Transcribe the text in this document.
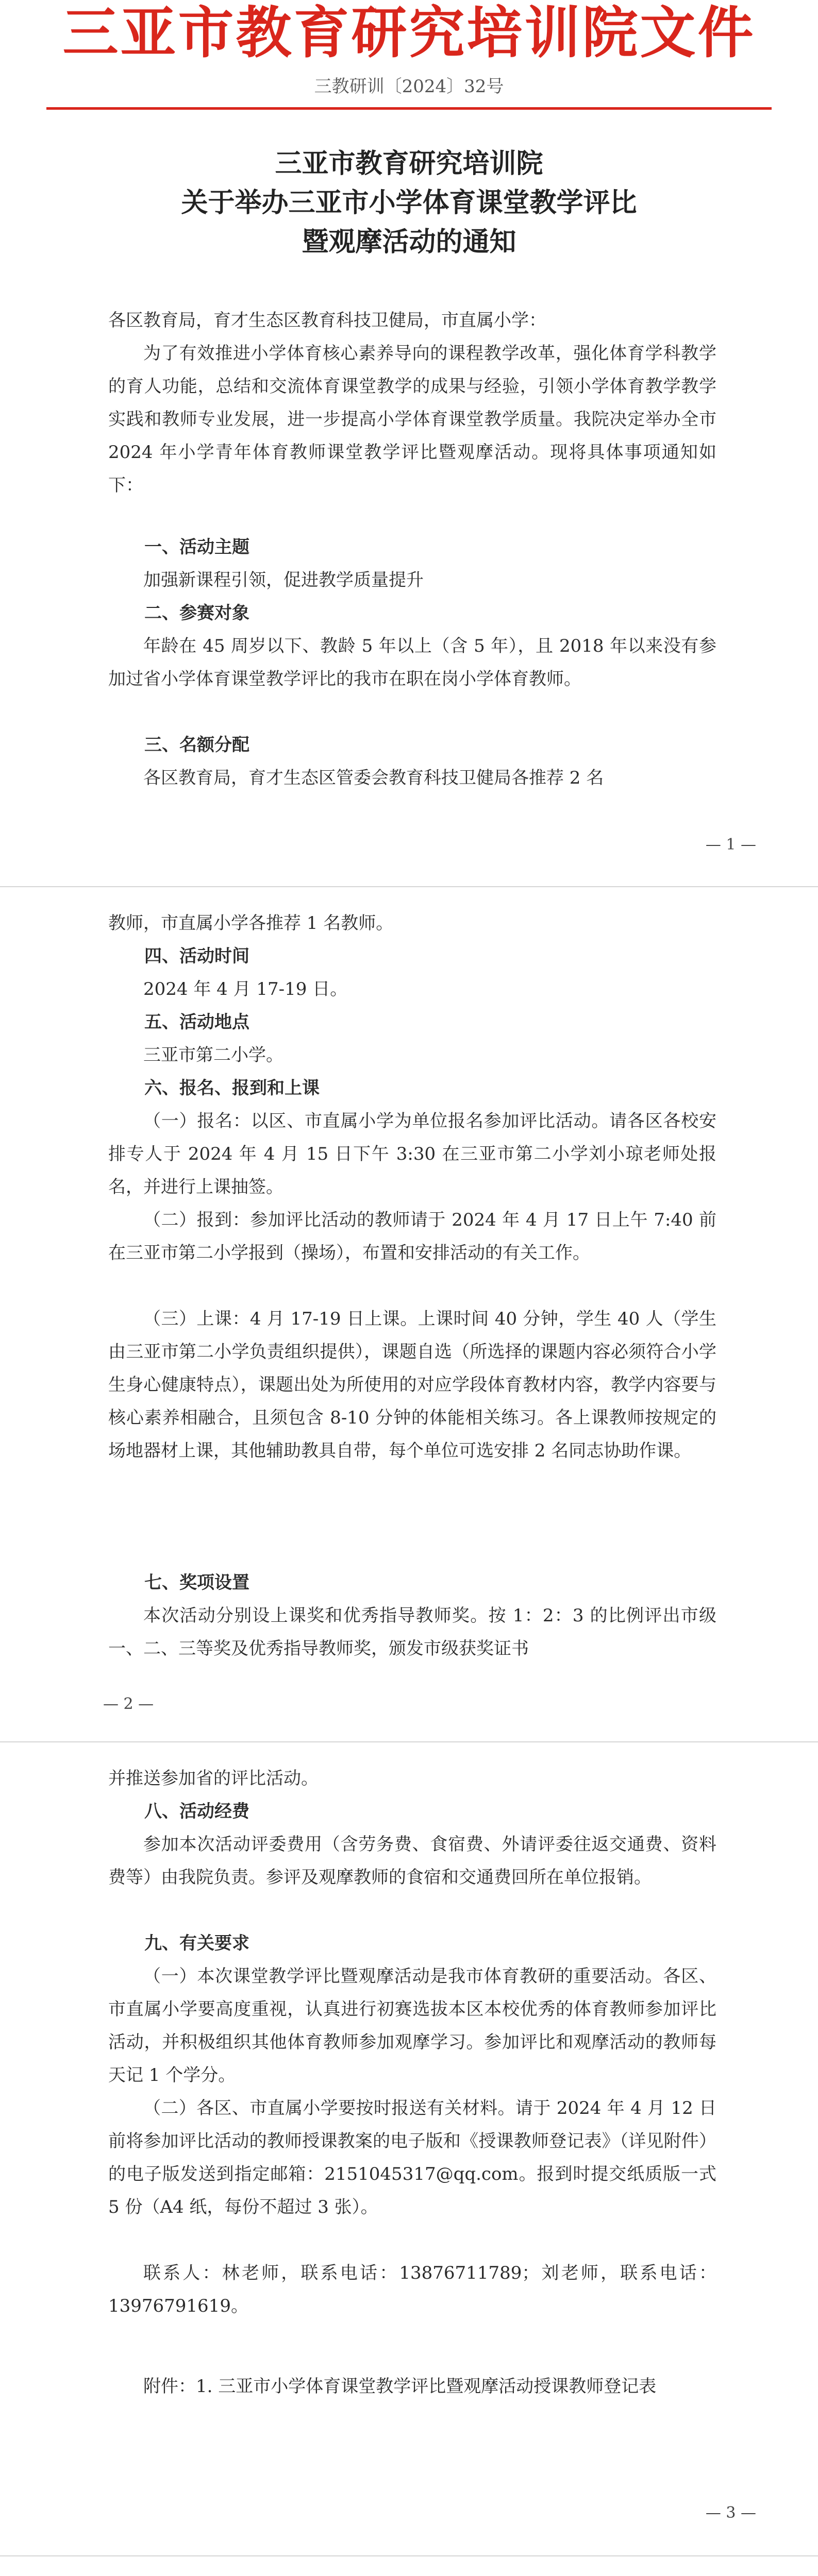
三亚市教育研究培训院文件
三教研训〔2024〕32号
三亚市教育研究培训院
关于举办三亚市小学体育课堂教学评比
暨观摩活动的通知
各区教育局，育才生态区教育科技卫健局，市直属小学：
为了有效推进小学体育核心素养导向的课程教学改革，强化体育学科教学的育人功能，总结和交流体育课堂教学的成果与经验，引领小学体育教学教学实践和教师专业发展，进一步提高小学体育课堂教学质量。我院决定举办全市 2024 年小学青年体育教师课堂教学评比暨观摩活动。现将具体事项通知如下：
一、活动主题
加强新课程引领，促进教学质量提升
二、参赛对象
年龄在 45 周岁以下、教龄 5 年以上（含 5 年），且 2018 年以来没有参加过省小学体育课堂教学评比的我市在职在岗小学体育教师。
三、名额分配
各区教育局，育才生态区管委会教育科技卫健局各推荐 2 名
— 1 —
教师，市直属小学各推荐 1 名教师。
四、活动时间
2024 年 4 月 17-19 日。
五、活动地点
三亚市第二小学。
六、报名、报到和上课
（一）报名：以区、市直属小学为单位报名参加评比活动。请各区各校安排专人于 2024 年 4 月 15 日下午 3:30 在三亚市第二小学刘小琼老师处报名，并进行上课抽签。
（二）报到：参加评比活动的教师请于 2024 年 4 月 17 日上午 7:40 前在三亚市第二小学报到（操场），布置和安排活动的有关工作。
（三）上课：4 月 17-19 日上课。上课时间 40 分钟，学生 40 人（学生由三亚市第二小学负责组织提供），课题自选（所选择的课题内容必须符合小学生身心健康特点），课题出处为所使用的对应学段体育教材内容，教学内容要与核心素养相融合，且须包含 8-10 分钟的体能相关练习。各上课教师按规定的场地器材上课，其他辅助教具自带，每个单位可选安排 2 名同志协助作课。
七、奖项设置
本次活动分别设上课奖和优秀指导教师奖。按 1：2：3 的比例评出市级一、二、三等奖及优秀指导教师奖，颁发市级获奖证书
— 2 —
并推送参加省的评比活动。
八、活动经费
参加本次活动评委费用（含劳务费、食宿费、外请评委往返交通费、资料费等）由我院负责。参评及观摩教师的食宿和交通费回所在单位报销。
九、有关要求
（一）本次课堂教学评比暨观摩活动是我市体育教研的重要活动。各区、市直属小学要高度重视，认真进行初赛选拔本区本校优秀的体育教师参加评比活动，并积极组织其他体育教师参加观摩学习。参加评比和观摩活动的教师每天记 1 个学分。
（二）各区、市直属小学要按时报送有关材料。请于 2024 年 4 月 12 日前将参加评比活动的教师授课教案的电子版和《授课教师登记表》（详见附件）的电子版发送到指定邮箱：2151045317@qq.com。报到时提交纸质版一式 5 份（A4 纸，每份不超过 3 张）。
联系人：林老师，联系电话：13876711789；刘老师，联系电话：13976791619。
附件：1. 三亚市小学体育课堂教学评比暨观摩活动授课教师登记表
— 3 —
